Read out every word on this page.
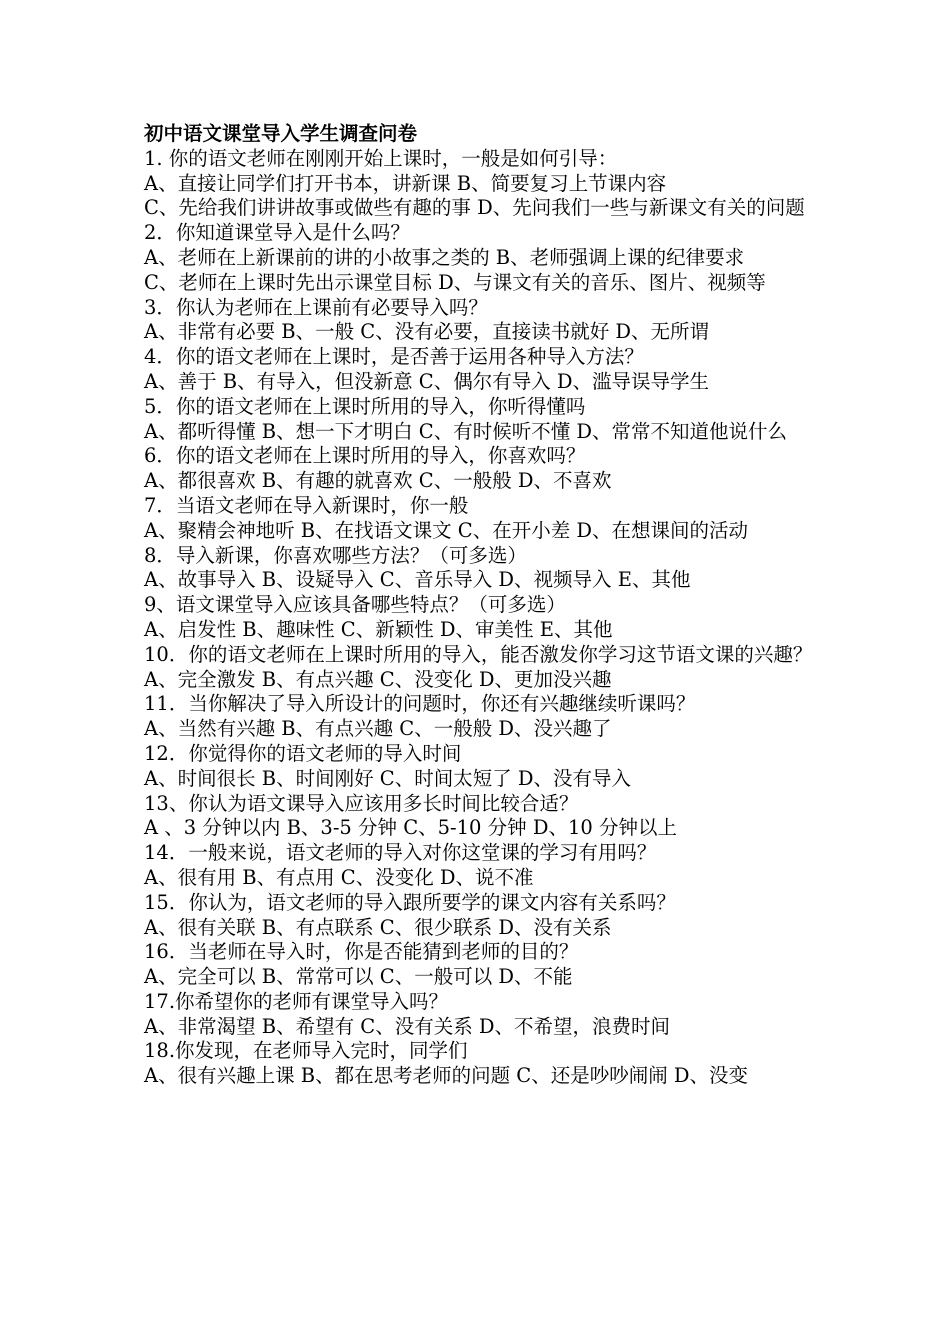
初中语文课堂导入学生调查问卷

1. 你的语文老师在刚刚开始上课时，一般是如何引导：

A、直接让同学们打开书本，讲新课 B、简要复习上节课内容

C、先给我们讲讲故事或做些有趣的事 D、先问我们一些与新课文有关的问题

2．你知道课堂导入是什么吗？

A、老师在上新课前的讲的小故事之类的 B、老师强调上课的纪律要求

C、老师在上课时先出示课堂目标 D、与课文有关的音乐、图片、视频等

3．你认为老师在上课前有必要导入吗？

A、非常有必要 B、一般 C、没有必要，直接读书就好 D、无所谓

4．你的语文老师在上课时，是否善于运用各种导入方法？

A、善于 B、有导入，但没新意 C、偶尔有导入 D、滥导误导学生

5．你的语文老师在上课时所用的导入，你听得懂吗

A、都听得懂 B、想一下才明白 C、有时候听不懂 D、常常不知道他说什么

6．你的语文老师在上课时所用的导入，你喜欢吗？

A、都很喜欢 B、有趣的就喜欢 C、一般般 D、不喜欢

7．当语文老师在导入新课时，你一般

A、聚精会神地听 B、在找语文课文 C、在开小差 D、在想课间的活动

8．导入新课，你喜欢哪些方法？（可多选）

A、故事导入 B、设疑导入 C、音乐导入 D、视频导入 E、其他

9、语文课堂导入应该具备哪些特点？（可多选）

A、启发性 B、趣味性 C、新颖性 D、审美性 E、其他

10．你的语文老师在上课时所用的导入，能否激发你学习这节语文课的兴趣？

A、完全激发 B、有点兴趣 C、没变化 D、更加没兴趣

11．当你解决了导入所设计的问题时，你还有兴趣继续听课吗？

A、当然有兴趣 B、有点兴趣 C、一般般 D、没兴趣了

12．你觉得你的语文老师的导入时间

A、时间很长 B、时间刚好 C、时间太短了 D、没有导入

13、你认为语文课导入应该用多长时间比较合适？

A 、3 分钟以内 B、3-5 分钟 C、5-10 分钟 D、10 分钟以上

14．一般来说，语文老师的导入对你这堂课的学习有用吗？

A、很有用 B、有点用 C、没变化 D、说不准

15．你认为，语文老师的导入跟所要学的课文内容有关系吗？

A、很有关联 B、有点联系 C、很少联系 D、没有关系

16．当老师在导入时，你是否能猜到老师的目的？

A、完全可以 B、常常可以 C、一般可以 D、不能

17.你希望你的老师有课堂导入吗？

A、非常渴望 B、希望有 C、没有关系 D、不希望，浪费时间

18.你发现，在老师导入完时，同学们

A、很有兴趣上课 B、都在思考老师的问题 C、还是吵吵闹闹 D、没变
